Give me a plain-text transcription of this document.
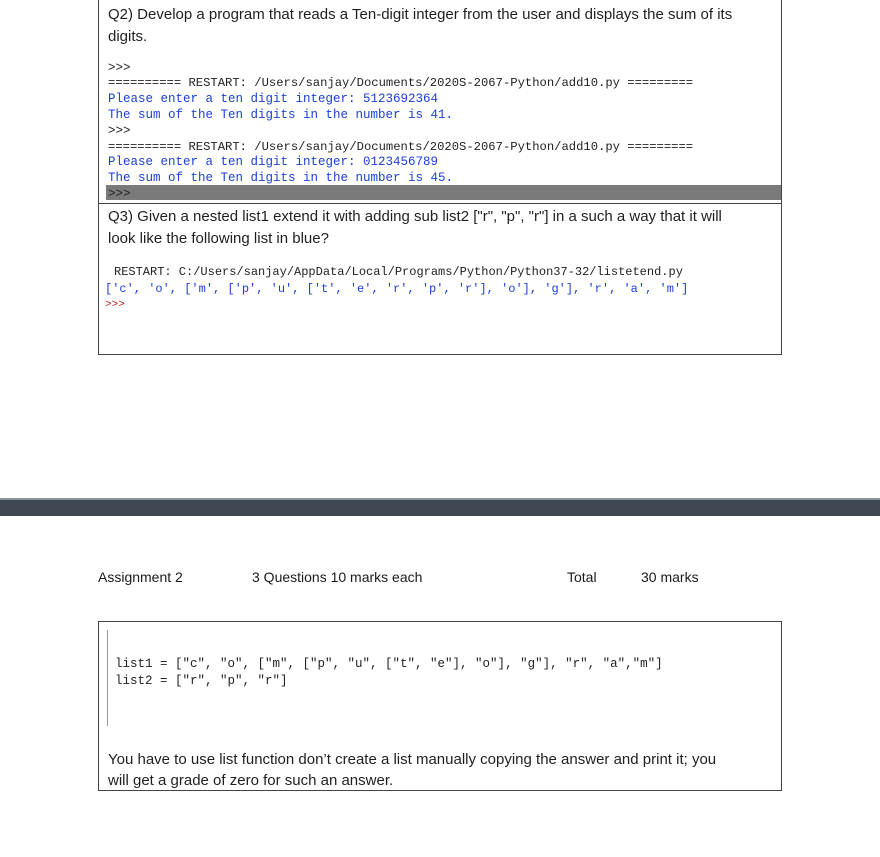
Q2) Develop a program that reads a Ten-digit integer from the user and displays the sum of its
digits.
>>>
========== RESTART: /Users/sanjay/Documents/2020S-2067-Python/add10.py =========
Please enter a ten digit integer: 5123692364
The sum of the Ten digits in the number is 41.
>>>
========== RESTART: /Users/sanjay/Documents/2020S-2067-Python/add10.py =========
Please enter a ten digit integer: 0123456789
The sum of the Ten digits in the number is 45.
>>>
Q3) Given a nested list1 extend it with adding sub list2 ["r", "p", "r"] in a such a way that it will
look like the following list in blue?
RESTART: C:/Users/sanjay/AppData/Local/Programs/Python/Python37-32/listetend.py
['c', 'o', ['m', ['p', 'u', ['t', 'e', 'r', 'p', 'r'], 'o'], 'g'], 'r', 'a', 'm']
>>>
Assignment 2	3 Questions 10 marks each	Total	30 marks
list1 = ["c", "o", ["m", ["p", "u", ["t", "e"], "o"], "g"], "r", "a","m"]
list2 = ["r", "p", "r"]
You have to use list function don’t create a list manually copying the answer and print it; you
will get a grade of zero for such an answer.
